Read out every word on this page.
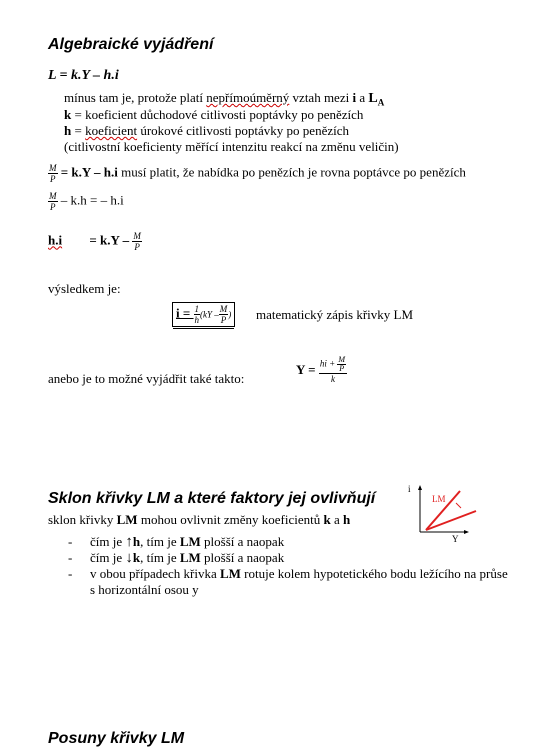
Algebraické vyjádření
L = k.Y – h.i
mínus tam je, protože platí nepřímoúměrný vztah mezi i a $L_A$
k = koeficient důchodové citlivosti poptávky po penězích
h = koeficient úrokové citlivosti poptávky po penězích
(citlivostní koeficienty měřící intenzitu reakcí na změnu veličin)
$\frac{M}{P} = k.Y - h.i$ musí platit, že nabídka po penězích je rovna poptávce po penězích
$\frac{M}{P} - k.h$ = – h.i
$h.i = k.Y - \frac{M}{P}$
výsledkem je:
$i = \frac{1}{h} (kY - \frac{M}{P}$ )	matematický zápis křivky LM
anebo je to možné vyjádřit také takto:
$Y = \frac{hi + \frac{M}{P}}{k}$
Sklon křivky LM a které faktory jej ovlivňují
sklon křivky LM mohou ovlivnit změny koeficientů k a h
- čím je ↑h, tím je LM plošší a naopak
- čím je ↓k, tím je LM plošší a naopak
- v obou případech křivka LM rotuje kolem hypotetického bodu ležícího na průse
s horizontální osou y
i
Y
LM
Posuny křivky LM
